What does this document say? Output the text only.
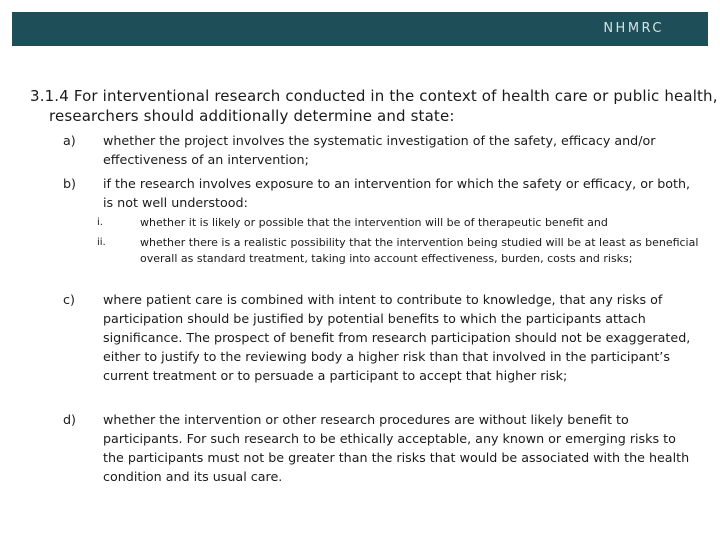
NHMRC
3.1.4 For interventional research conducted in the context of health care or public health,
researchers should additionally determine and state:
a) whether the project involves the systematic investigation of the safety, efficacy and/or effectiveness of an intervention;
b) if the research involves exposure to an intervention for which the safety or efficacy, or both, is not well understood:
i.	whether it is likely or possible that the intervention will be of therapeutic benefit and
ii.	whether there is a realistic possibility that the intervention being studied will be at least as beneficial overall as standard treatment, taking into account effectiveness, burden, costs and risks;
c) where patient care is combined with intent to contribute to knowledge, that any risks of participation should be justified by potential benefits to which the participants attach significance. The prospect of benefit from research participation should not be exaggerated, either to justify to the reviewing body a higher risk than that involved in the participant’s current treatment or to persuade a participant to accept that higher risk;
d) whether the intervention or other research procedures are without likely benefit to participants. For such research to be ethically acceptable, any known or emerging risks to the participants must not be greater than the risks that would be associated with the health condition and its usual care.
